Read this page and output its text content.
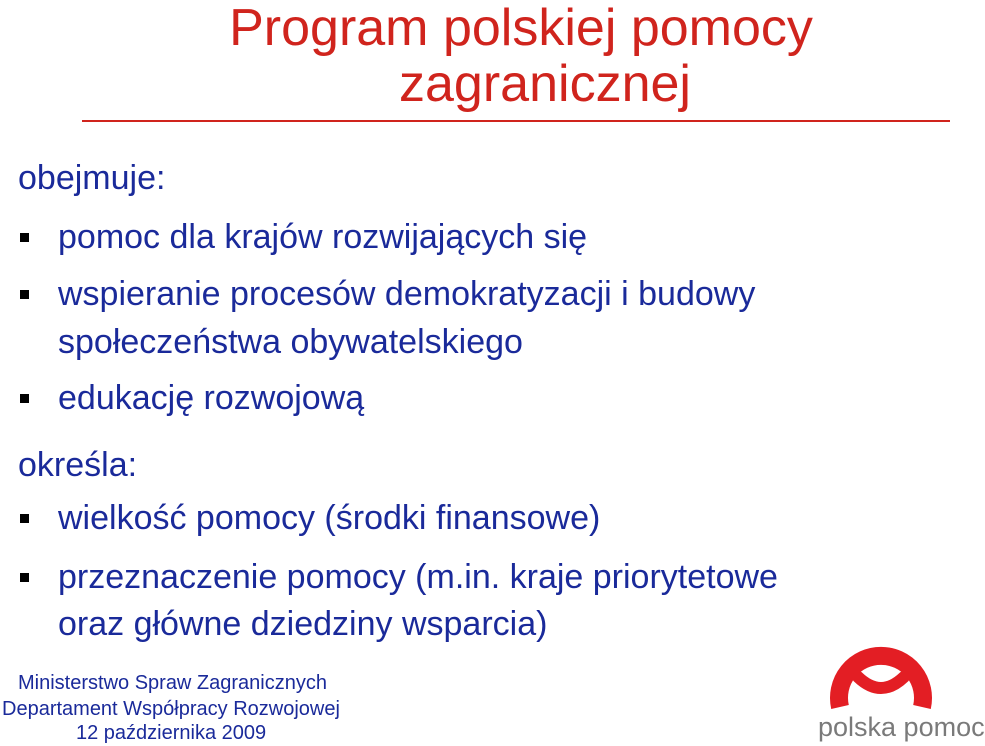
Program polskiej pomocy
zagranicznej
obejmuje:
pomoc dla krajów rozwijających się
wspieranie procesów demokratyzacji i budowy
społeczeństwa obywatelskiego
edukację rozwojową
określa:
wielkość pomocy (środki finansowe)
przeznaczenie pomocy (m.in. kraje priorytetowe
oraz główne dziedziny wsparcia)
Ministerstwo Spraw Zagranicznych
Departament Współpracy Rozwojowej
12 października 2009	polska pomoc
